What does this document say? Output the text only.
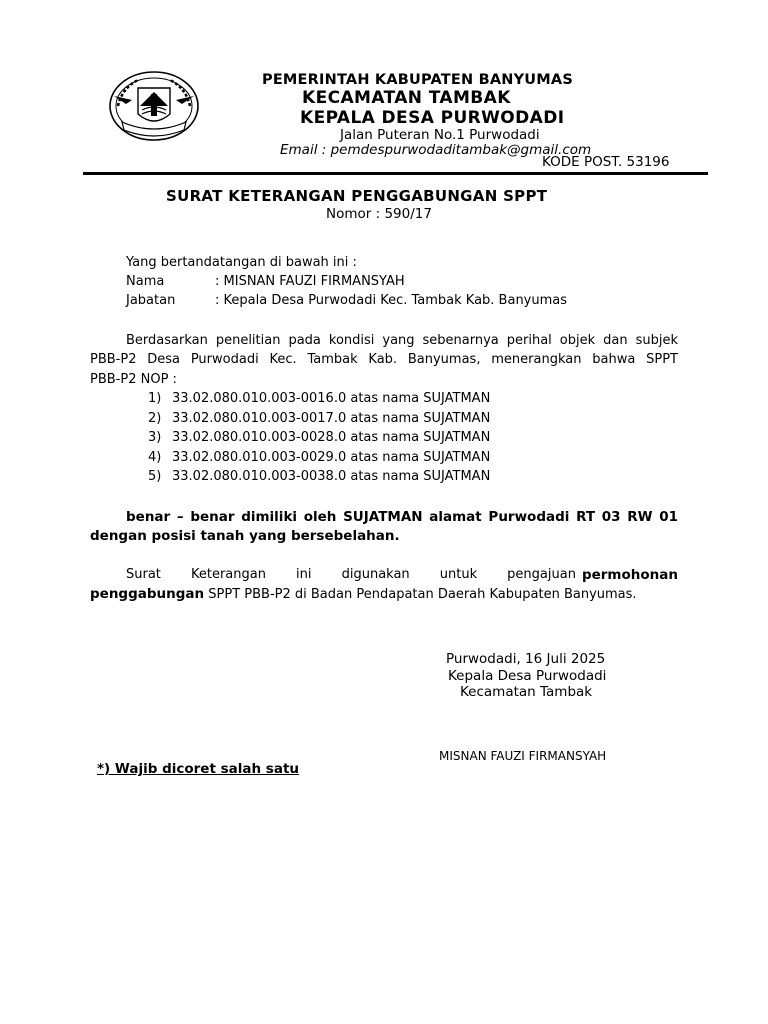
PEMERINTAH KABUPATEN BANYUMAS
KECAMATAN TAMBAK
KEPALA DESA PURWODADI
Jalan Puteran No.1 Purwodadi
Email : pemdespurwodaditambak@gmail.com
KODE POST. 53196
SURAT KETERANGAN PENGGABUNGAN SPPT
Nomor : 590/17
Yang bertandatangan di bawah ini :
Nama	: MISNAN FAUZI FIRMANSYAH
Jabatan	: Kepala Desa Purwodadi Kec. Tambak Kab. Banyumas
Berdasarkan penelitian pada kondisi yang sebenarnya perihal objek dan subjek
PBB-P2 Desa Purwodadi Kec. Tambak Kab. Banyumas, menerangkan bahwa SPPT
PBB-P2 NOP :
1) 33.02.080.010.003-0016.0 atas nama SUJATMAN
2) 33.02.080.010.003-0017.0 atas nama SUJATMAN
3) 33.02.080.010.003-0028.0 atas nama SUJATMAN
4) 33.02.080.010.003-0029.0 atas nama SUJATMAN
5) 33.02.080.010.003-0038.0 atas nama SUJATMAN
benar – benar dimiliki oleh SUJATMAN alamat Purwodadi RT 03 RW 01
dengan posisi tanah yang bersebelahan.
Surat Keterangan ini digunakan untuk pengajuan permohonan
penggabungan SPPT PBB-P2 di Badan Pendapatan Daerah Kabupaten Banyumas.
Purwodadi, 16 Juli 2025
Kepala Desa Purwodadi
Kecamatan Tambak
MISNAN FAUZI FIRMANSYAH
*) Wajib dicoret salah satu
